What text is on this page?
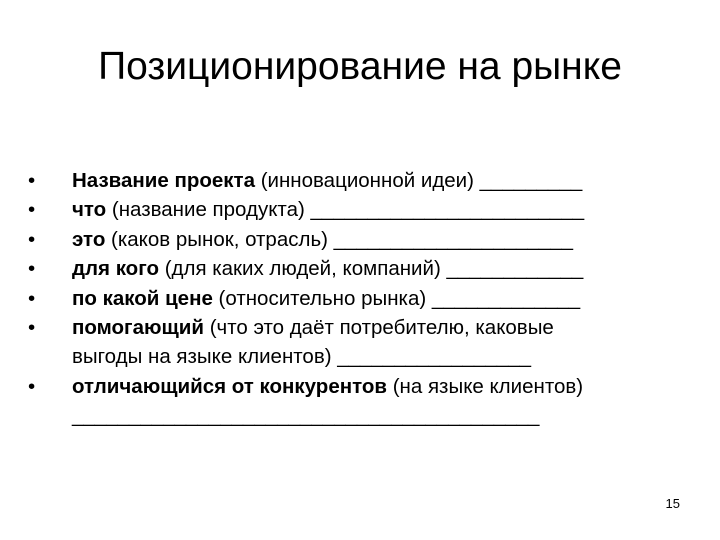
Позиционирование на рынке
•	Название проекта (инновационной идеи) _________
•	что (название продукта) ________________________
•	это (каков рынок, отрасль) _____________________
•	для кого (для каких людей, компаний) ____________
•	по какой цене (относительно рынка) _____________
•	помогающий (что это даёт потребителю, каковые
выгоды на языке клиентов) _________________
•	отличающийся от конкурентов (на языке клиентов)
_________________________________________
15
